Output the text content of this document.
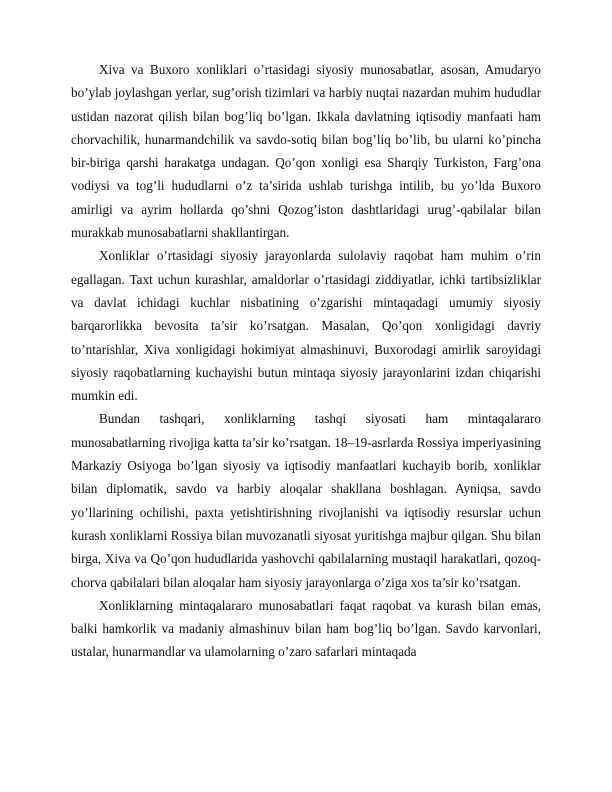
Xiva va Buxoro xonliklari o’rtasidagi siyosiy munosabatlar, asosan, Amudaryo bo’ylab joylashgan yerlar, sug’orish tizimlari va harbiy nuqtai nazardan muhim hududlar ustidan nazorat qilish bilan bog’liq bo’lgan. Ikkala davlatning iqtisodiy manfaati ham chorvachilik, hunarmandchilik va savdo-sotiq bilan bog’liq bo’lib, bu ularni ko’pincha bir-biriga qarshi harakatga undagan. Qo’qon xonligi esa Sharqiy Turkiston, Farg’ona vodiysi va tog’li hududlarni o’z ta’sirida ushlab turishga intilib, bu yo’lda Buxoro amirligi va ayrim hollarda qo’shni Qozog’iston dashtlaridagi urug’-qabilalar bilan murakkab munosabatlarni shakllantirgan.

Xonliklar o’rtasidagi siyosiy jarayonlarda sulolaviy raqobat ham muhim o’rin egallagan. Taxt uchun kurashlar, amaldorlar o’rtasidagi ziddiyatlar, ichki tartibsizliklar va davlat ichidagi kuchlar nisbatining o’zgarishi mintaqadagi umumiy siyosiy barqarorlikka bevosita ta’sir ko’rsatgan. Masalan, Qo’qon xonligidagi davriy to’ntarishlar, Xiva xonligidagi hokimiyat almashinuvi, Buxorodagi amirlik saroyidagi siyosiy raqobatlarning kuchayishi butun mintaqa siyosiy jarayonlarini izdan chiqarishi mumkin edi.

Bundan tashqari, xonliklarning tashqi siyosati ham mintaqalararo munosabatlarning rivojiga katta ta’sir ko’rsatgan. 18–19-asrlarda Rossiya imperiyasining Markaziy Osiyoga bo’lgan siyosiy va iqtisodiy manfaatlari kuchayib borib, xonliklar bilan diplomatik, savdo va harbiy aloqalar shakllana boshlagan. Ayniqsa, savdo yo’llarining ochilishi, paxta yetishtirishning rivojlanishi va iqtisodiy resurslar uchun kurash xonliklarni Rossiya bilan muvozanatli siyosat yuritishga majbur qilgan. Shu bilan birga, Xiva va Qo’qon hududlarida yashovchi qabilalarning mustaqil harakatlari, qozoq-chorva qabilalari bilan aloqalar ham siyosiy jarayonlarga o’ziga xos ta’sir ko’rsatgan.

Xonliklarning mintaqalararo munosabatlari faqat raqobat va kurash bilan emas, balki hamkorlik va madaniy almashinuv bilan ham bog’liq bo’lgan. Savdo karvonlari, ustalar, hunarmandlar va ulamolarning o’zaro safarlari mintaqada
